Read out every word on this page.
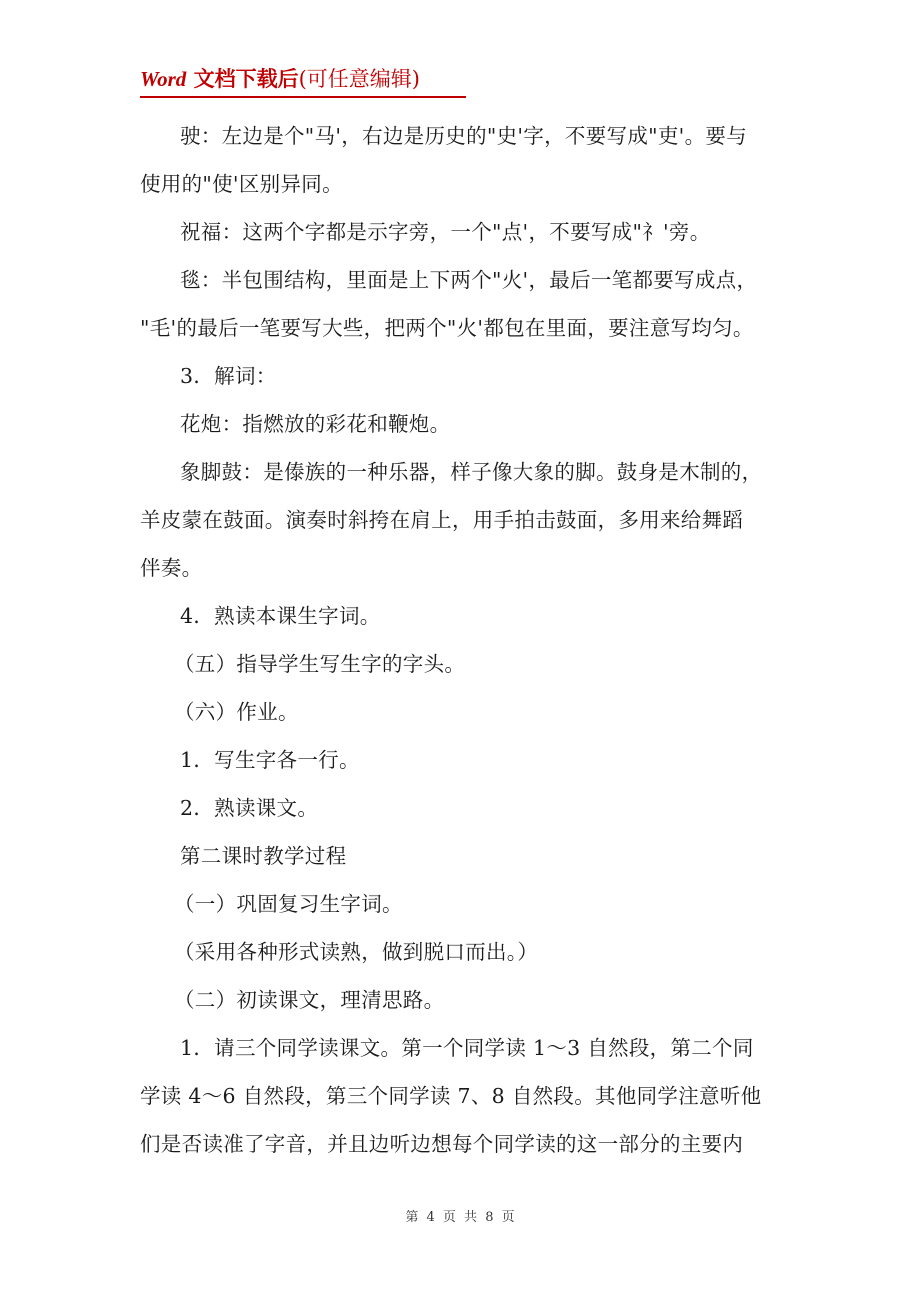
Word 文档下载后(可任意编辑)

驶：左边是个"马'，右边是历史的"史'字，不要写成"吏'。要与

使用的"使'区别异同。

祝福：这两个字都是示字旁，一个"点'，不要写成"礻'旁。

毯：半包围结构，里面是上下两个"火'，最后一笔都要写成点，

"毛'的最后一笔要写大些，把两个"火'都包在里面，要注意写均匀。

3．解词：

花炮：指燃放的彩花和鞭炮。

象脚鼓：是傣族的一种乐器，样子像大象的脚。鼓身是木制的，

羊皮蒙在鼓面。演奏时斜挎在肩上，用手拍击鼓面，多用来给舞蹈

伴奏。

4．熟读本课生字词。

（五）指导学生写生字的字头。

（六）作业。

1．写生字各一行。

2．熟读课文。

第二课时教学过程

（一）巩固复习生字词。

（采用各种形式读熟，做到脱口而出。）

（二）初读课文，理清思路。

1．请三个同学读课文。第一个同学读 1～3 自然段，第二个同

学读 4～6 自然段，第三个同学读 7、8 自然段。其他同学注意听他

们是否读准了字音，并且边听边想每个同学读的这一部分的主要内

第 4 页 共 8 页
